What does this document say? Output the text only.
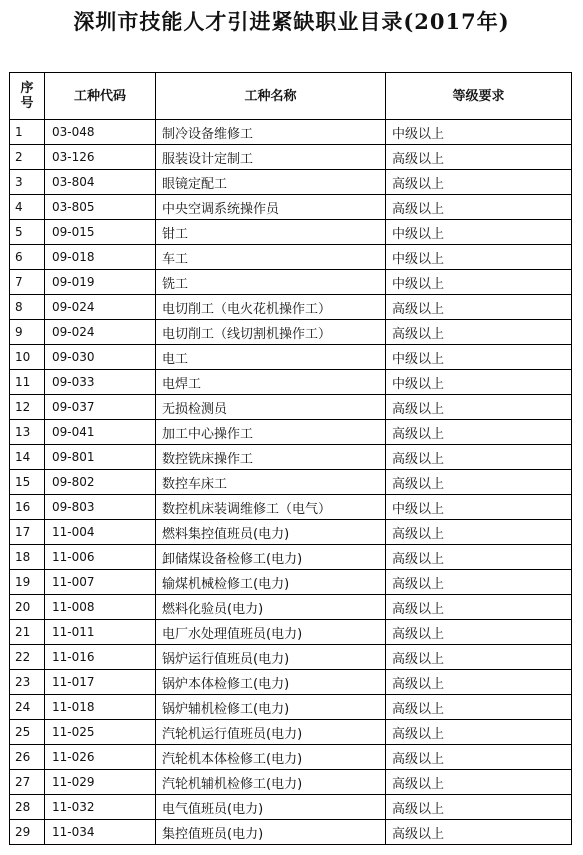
深圳市技能人才引进紧缺职业目录(2017年)
序号	工种代码	工种名称	等级要求
1	03-048	制冷设备维修工	中级以上
2	03-126	服装设计定制工	高级以上
3	03-804	眼镜定配工	高级以上
4	03-805	中央空调系统操作员	高级以上
5	09-015	钳工	中级以上
6	09-018	车工	中级以上
7	09-019	铣工	中级以上
8	09-024	电切削工（电火花机操作工）	高级以上
9	09-024	电切削工（线切割机操作工）	高级以上
10	09-030	电工	中级以上
11	09-033	电焊工	中级以上
12	09-037	无损检测员	高级以上
13	09-041	加工中心操作工	高级以上
14	09-801	数控铣床操作工	高级以上
15	09-802	数控车床工	高级以上
16	09-803	数控机床装调维修工（电气）	中级以上
17	11-004	燃料集控值班员(电力)	高级以上
18	11-006	卸储煤设备检修工(电力)	高级以上
19	11-007	输煤机械检修工(电力)	高级以上
20	11-008	燃料化验员(电力)	高级以上
21	11-011	电厂水处理值班员(电力)	高级以上
22	11-016	锅炉运行值班员(电力)	高级以上
23	11-017	锅炉本体检修工(电力)	高级以上
24	11-018	锅炉辅机检修工(电力)	高级以上
25	11-025	汽轮机运行值班员(电力)	高级以上
26	11-026	汽轮机本体检修工(电力)	高级以上
27	11-029	汽轮机辅机检修工(电力)	高级以上
28	11-032	电气值班员(电力)	高级以上
29	11-034	集控值班员(电力)	高级以上
